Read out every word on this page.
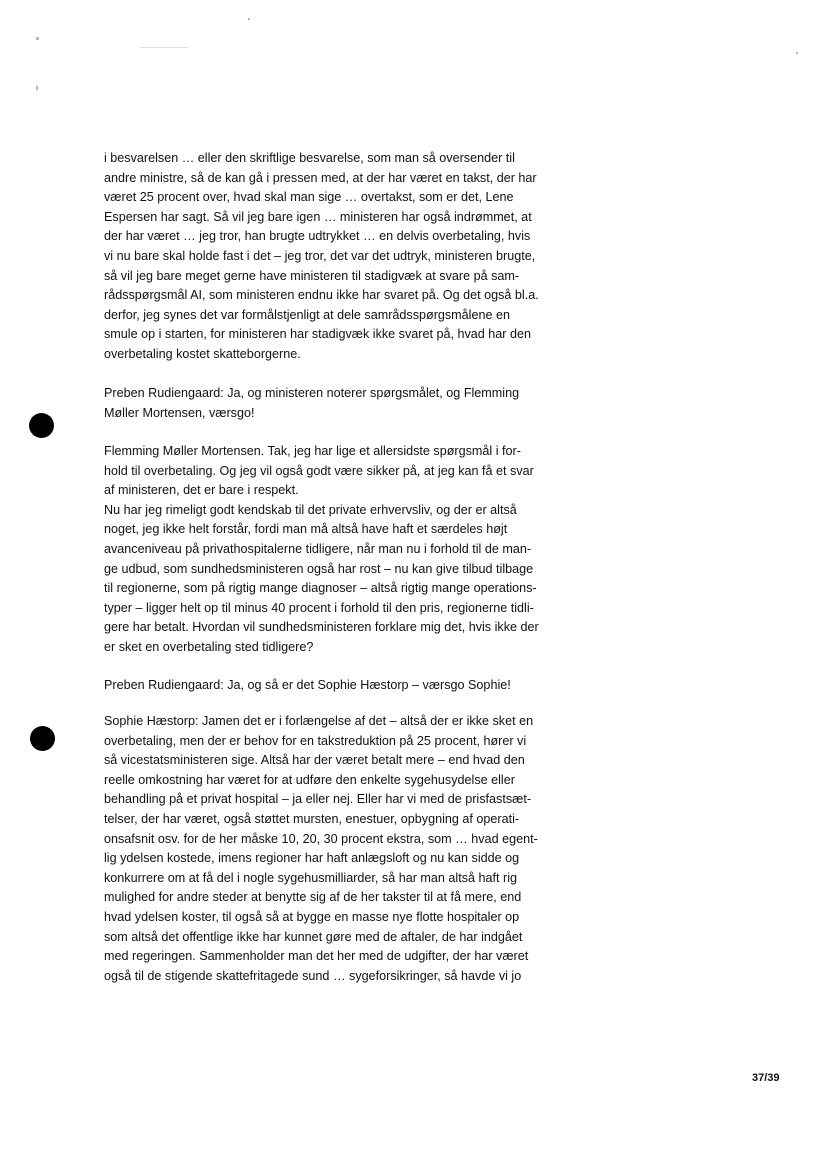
i besvarelsen … eller den skriftlige besvarelse, som man så oversender til
andre ministre, så de kan gå i pressen med, at der har været en takst, der har
været 25 procent over, hvad skal man sige … overtakst, som er det, Lene
Espersen har sagt. Så vil jeg bare igen … ministeren har også indrømmet, at
der har været … jeg tror, han brugte udtrykket … en delvis overbetaling, hvis
vi nu bare skal holde fast i det – jeg tror, det var det udtryk, ministeren brugte,
så vil jeg bare meget gerne have ministeren til stadigvæk at svare på sam-
rådsspørgsmål AI, som ministeren endnu ikke har svaret på. Og det også bl.a.
derfor, jeg synes det var formålstjenligt at dele samrådsspørgsmålene en
smule op i starten, for ministeren har stadigvæk ikke svaret på, hvad har den
overbetaling kostet skatteborgerne.
Preben Rudiengaard: Ja, og ministeren noterer spørgsmålet, og Flemming
Møller Mortensen, værsgo!
Flemming Møller Mortensen. Tak, jeg har lige et allersidste spørgsmål i for-
hold til overbetaling. Og jeg vil også godt være sikker på, at jeg kan få et svar
af ministeren, det er bare i respekt.
Nu har jeg rimeligt godt kendskab til det private erhvervsliv, og der er altså
noget, jeg ikke helt forstår, fordi man må altså have haft et særdeles højt
avanceniveau på privathospitalerne tidligere, når man nu i forhold til de man-
ge udbud, som sundhedsministeren også har rost – nu kan give tilbud tilbage
til regionerne, som på rigtig mange diagnoser – altså rigtig mange operations-
typer – ligger helt op til minus 40 procent i forhold til den pris, regionerne tidli-
gere har betalt. Hvordan vil sundhedsministeren forklare mig det, hvis ikke der
er sket en overbetaling sted tidligere?
Preben Rudiengaard: Ja, og så er det Sophie Hæstorp – værsgo Sophie!
Sophie Hæstorp: Jamen det er i forlængelse af det – altså der er ikke sket en
overbetaling, men der er behov for en takstreduktion på 25 procent, hører vi
så vicestatsministeren sige. Altså har der været betalt mere – end hvad den
reelle omkostning har været for at udføre den enkelte sygehusydelse eller
behandling på et privat hospital – ja eller nej. Eller har vi med de prisfastsæt-
telser, der har været, også støttet mursten, enestuer, opbygning af operati-
onsafsnit osv. for de her måske 10, 20, 30 procent ekstra, som … hvad egent-
lig ydelsen kostede, imens regioner har haft anlægsloft og nu kan sidde og
konkurrere om at få del i nogle sygehusmilliarder, så har man altså haft rig
mulighed for andre steder at benytte sig af de her takster til at få mere, end
hvad ydelsen koster, til også så at bygge en masse nye flotte hospitaler op
som altså det offentlige ikke har kunnet gøre med de aftaler, de har indgået
med regeringen. Sammenholder man det her med de udgifter, der har været
også til de stigende skattefritagede sund … sygeforsikringer, så havde vi jo
37/39
